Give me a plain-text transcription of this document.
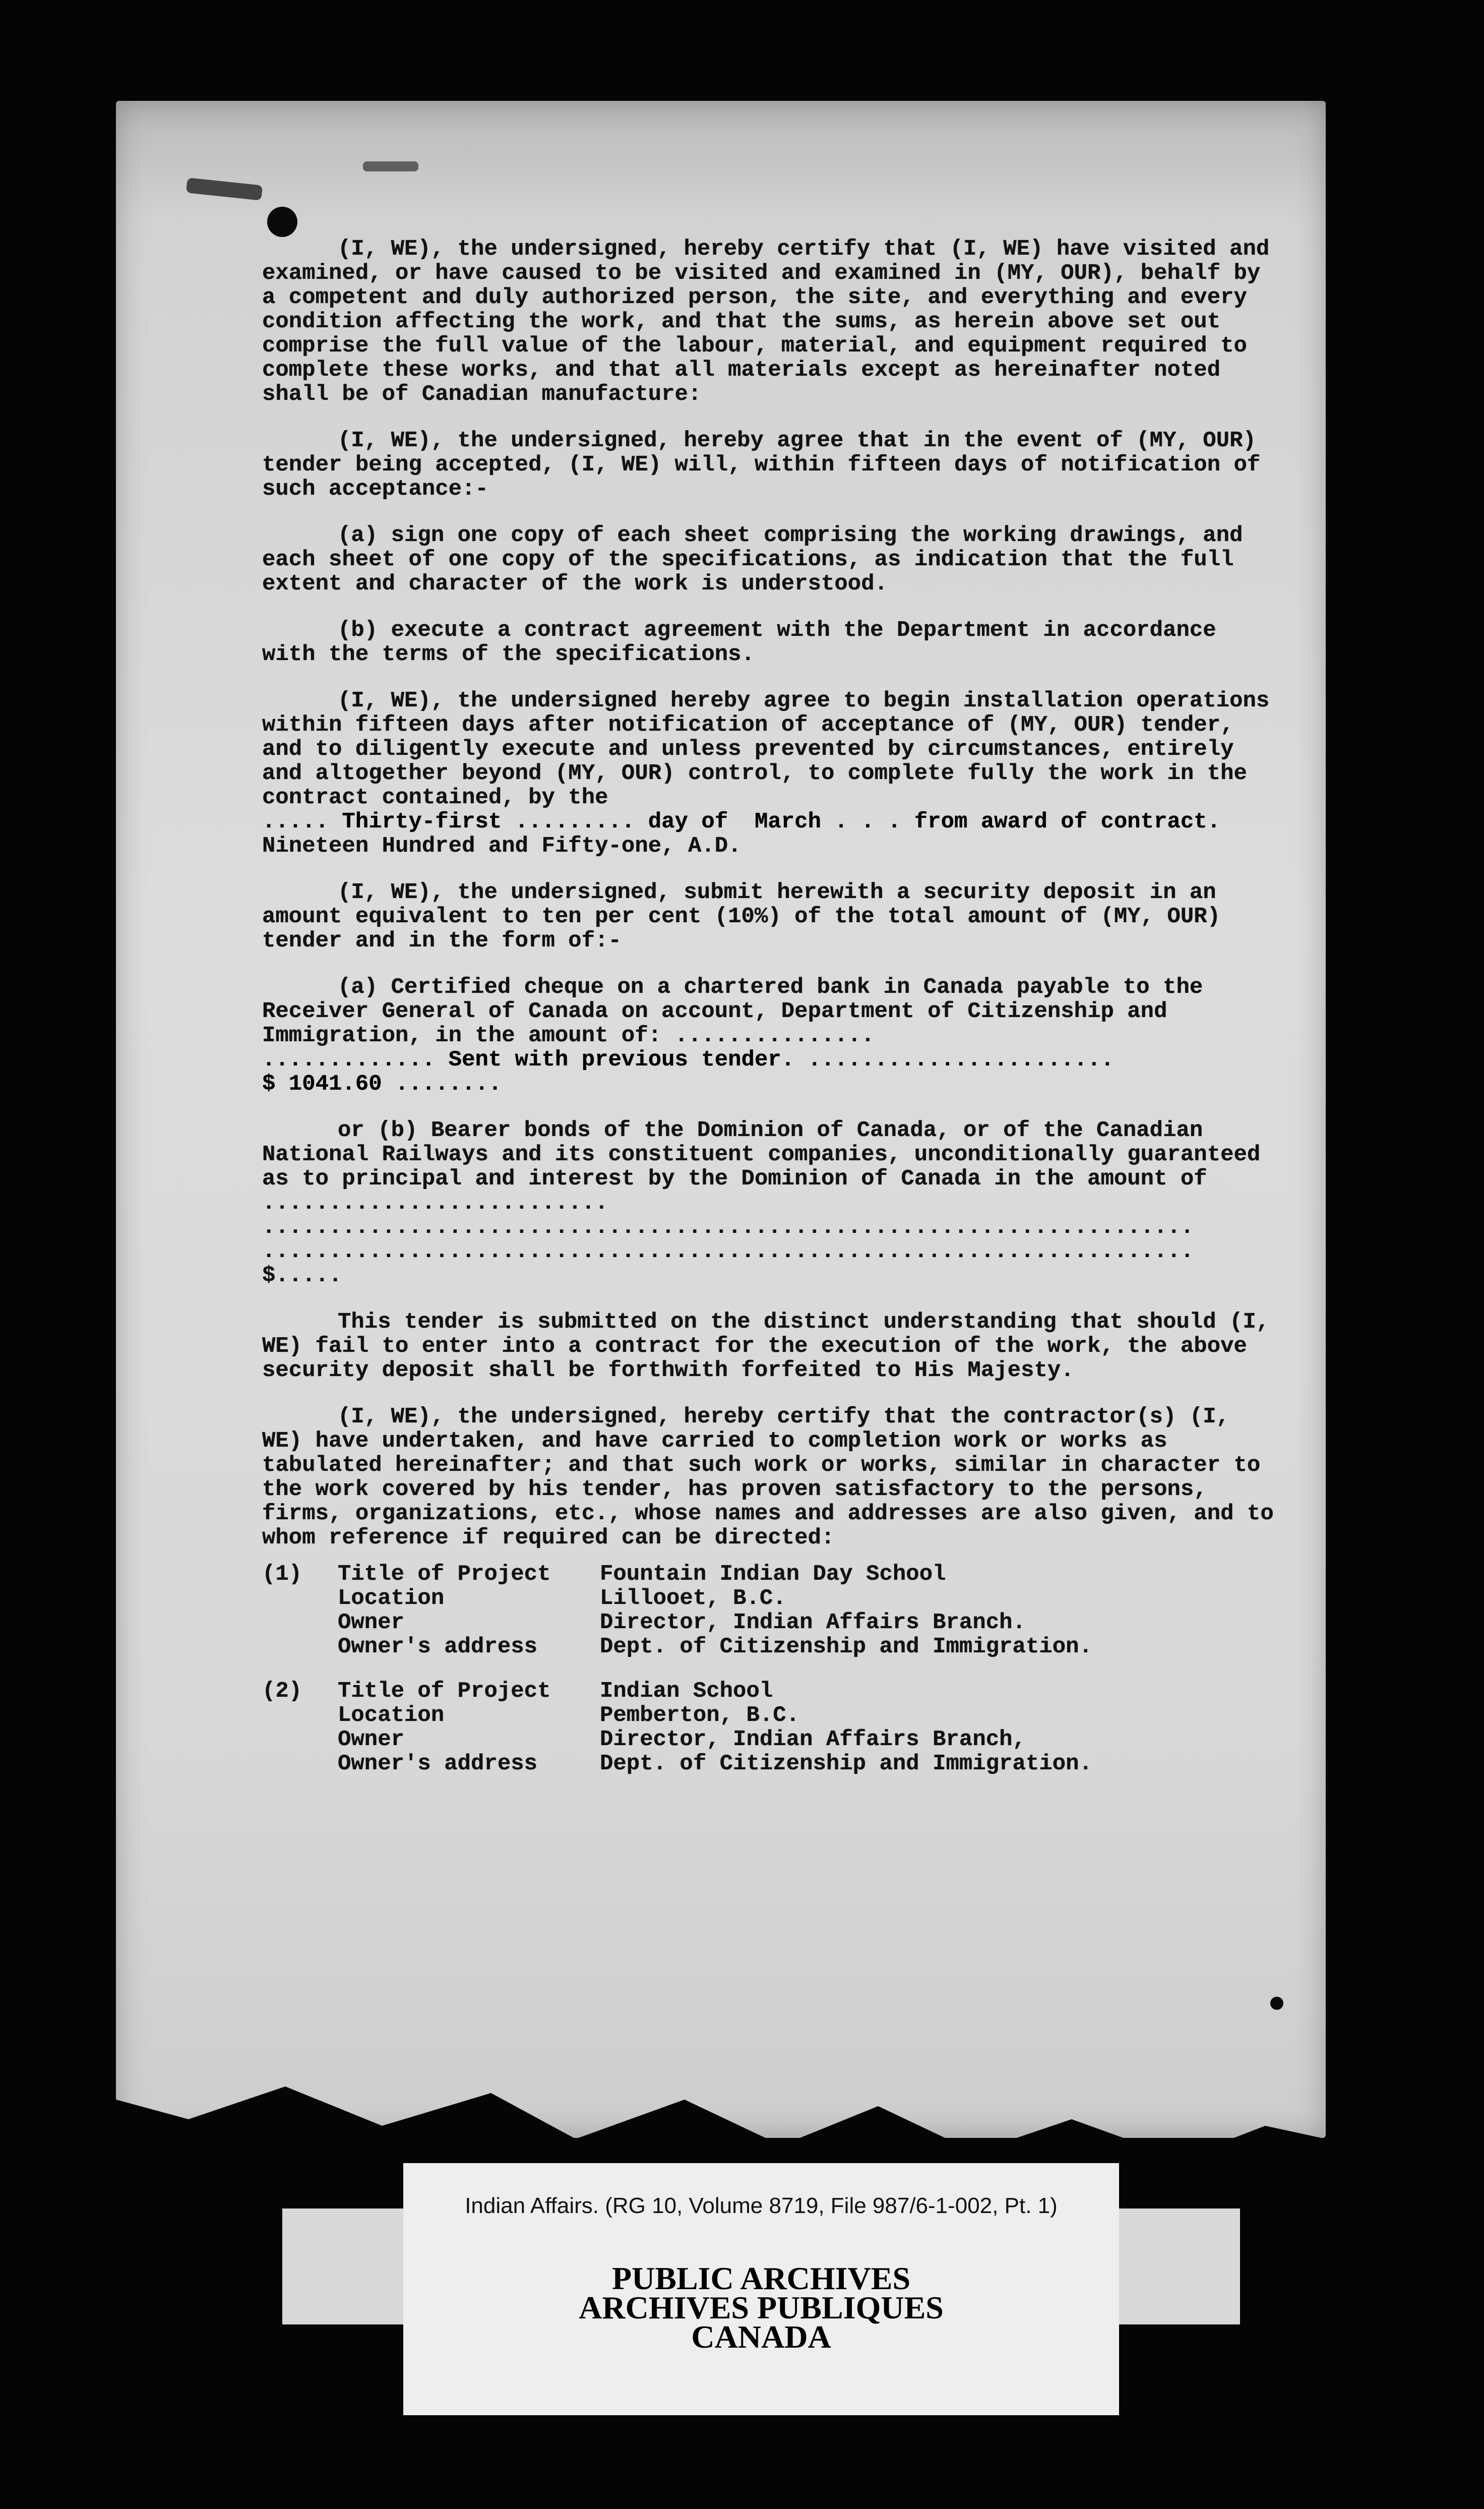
(I, WE), the undersigned, hereby certify that (I, WE) have visited and examined, or have caused to be visited and examined in (MY, OUR), behalf by a competent and duly authorized person, the site, and everything and every condition affecting the work, and that the sums, as herein above set out comprise the full value of the labour, material, and equipment required to complete these works, and that all materials except as hereinafter noted shall be of Canadian manufacture:

(I, WE), the undersigned, hereby agree that in the event of (MY, OUR) tender being accepted, (I, WE) will, within fifteen days of notification of such acceptance:-

(a) sign one copy of each sheet comprising the working drawings, and each sheet of one copy of the specifications, as indication that the full extent and character of the work is understood.

(b) execute a contract agreement with the Department in accordance with the terms of the specifications.

(I, WE), the undersigned hereby agree to begin installation operations within fifteen days after notification of acceptance of (MY, OUR) tender, and to diligently execute and unless prevented by circumstances, entirely and altogether beyond (MY, OUR) control, to complete fully the work in the contract contained, by the

..... Thirty-first ......... day of  March . . . from award of contract.
Nineteen Hundred and Fifty-one, A.D.

(I, WE), the undersigned, submit herewith a security deposit in an amount equivalent to ten per cent (10%) of the total amount of (MY, OUR) tender and in the form of:-

(a) Certified cheque on a chartered bank in Canada payable to the Receiver General of Canada on account, Department of Citizenship and Immigration, in the amount of: ...............

............. Sent with previous tender. .......................
$ 1041.60 ........

or (b) Bearer bonds of the Dominion of Canada, or of the Canadian National Railways and its constituent companies, unconditionally guaranteed as to principal and interest by the Dominion of Canada in the amount of ..........................

......................................................................
......................................................................
$.....

This tender is submitted on the distinct understanding that should (I, WE) fail to enter into a contract for the execution of the work, the above security deposit shall be forthwith forfeited to His Majesty.

(I, WE), the undersigned, hereby certify that the contractor(s) (I, WE) have undertaken, and have carried to completion work or works as tabulated hereinafter; and that such work or works, similar in character to the work covered by his tender, has proven satisfactory to the persons, firms, organizations, etc., whose names and addresses are also given, and to whom reference if required can be directed:

(1)	Title of Project	Fountain Indian Day School
	Location	Lillooet, B.C.
	Owner	Director, Indian Affairs Branch.
	Owner's address	Dept. of Citizenship and Immigration.

(2)	Title of Project	Indian School
	Location	Pemberton, B.C.
	Owner	Director, Indian Affairs Branch,
	Owner's address	Dept. of Citizenship and Immigration.
Indian Affairs. (RG 10, Volume 8719, File 987/6-1-002, Pt. 1)
PUBLIC ARCHIVES
ARCHIVES PUBLIQUES
CANADA
